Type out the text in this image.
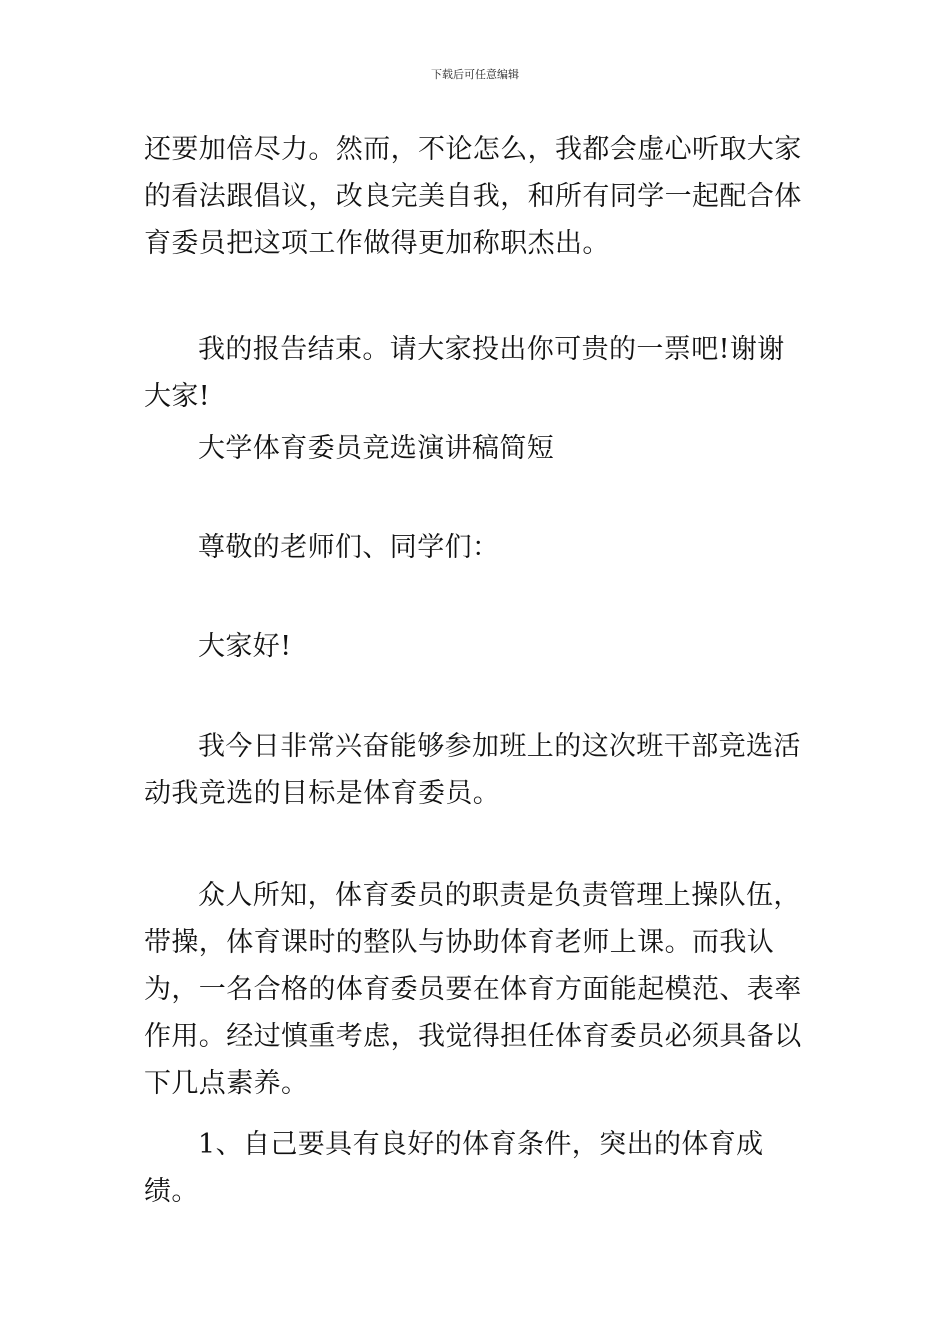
下载后可任意编辑

还要加倍尽力。然而，不论怎么，我都会虚心听取大家的看法跟倡议，改良完美自我，和所有同学一起配合体育委员把这项工作做得更加称职杰出。

我的报告结束。请大家投出你可贵的一票吧!谢谢大家!

大学体育委员竞选演讲稿简短

尊敬的老师们、同学们：

大家好!

我今日非常兴奋能够参加班上的这次班干部竞选活动我竞选的目标是体育委员。

众人所知，体育委员的职责是负责管理上操队伍，带操，体育课时的整队与协助体育老师上课。而我认为，一名合格的体育委员要在体育方面能起模范、表率作用。经过慎重考虑，我觉得担任体育委员必须具备以下几点素养。

1、自己要具有良好的体育条件，突出的体育成绩。
